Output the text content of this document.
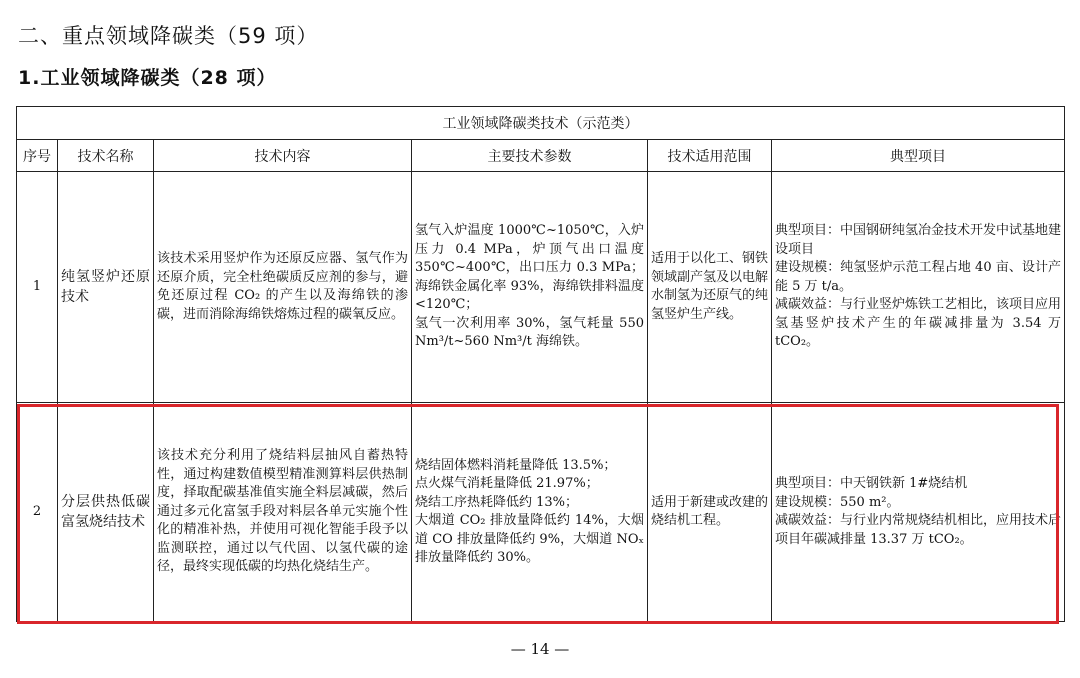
二、重点领域降碳类（59 项）
1.工业领域降碳类（28 项）
工业领域降碳类技术（示范类）					
序号	技术名称	技术内容	主要技术参数	技术适用范围	典型项目
1	纯氢竖炉还原技术	该技术采用竖炉作为还原反应器、氢气作为还原介质，完全杜绝碳质反应剂的参与，避免还原过程 CO₂ 的产生以及海绵铁的渗碳，进而消除海绵铁熔炼过程的碳氧反应。	氢气入炉温度 1000℃~1050℃，入炉压力 0.4 MPa，炉顶气出口温度 350℃~400℃，出口压力 0.3 MPa；海绵铁金属化率 93%，海绵铁排料温度<120℃；
氢气一次利用率 30%，氢气耗量 550 Nm³/t~560 Nm³/t 海绵铁。	适用于以化工、钢铁领域副产氢及以电解水制氢为还原气的纯氢竖炉生产线。	典型项目：中国钢研纯氢冶金技术开发中试基地建设项目
建设规模：纯氢竖炉示范工程占地 40 亩、设计产能 5 万 t/a。
减碳效益：与行业竖炉炼铁工艺相比，该项目应用氢基竖炉技术产生的年碳减排量为 3.54 万 tCO₂。

2	分层供热低碳富氢烧结技术	该技术充分利用了烧结料层抽风自蓄热特性，通过构建数值模型精准测算料层供热制度，择取配碳基准值实施全料层减碳，然后通过多元化富氢手段对料层各单元实施个性化的精准补热，并使用可视化智能手段予以监测联控，通过以气代固、以氢代碳的途径，最终实现低碳的均热化烧结生产。	烧结固体燃料消耗量降低 13.5%；
点火煤气消耗量降低 21.97%；
烧结工序热耗降低约 13%；
大烟道 CO₂ 排放量降低约 14%，大烟道 CO 排放量降低约 9%，大烟道 NOₓ 排放量降低约 30%。	适用于新建或改建的烧结机工程。	典型项目：中天钢铁新 1#烧结机
建设规模：550 m²。
减碳效益：与行业内常规烧结机相比，应用技术后项目年碳减排量 13.37 万 tCO₂。
— 14 —
